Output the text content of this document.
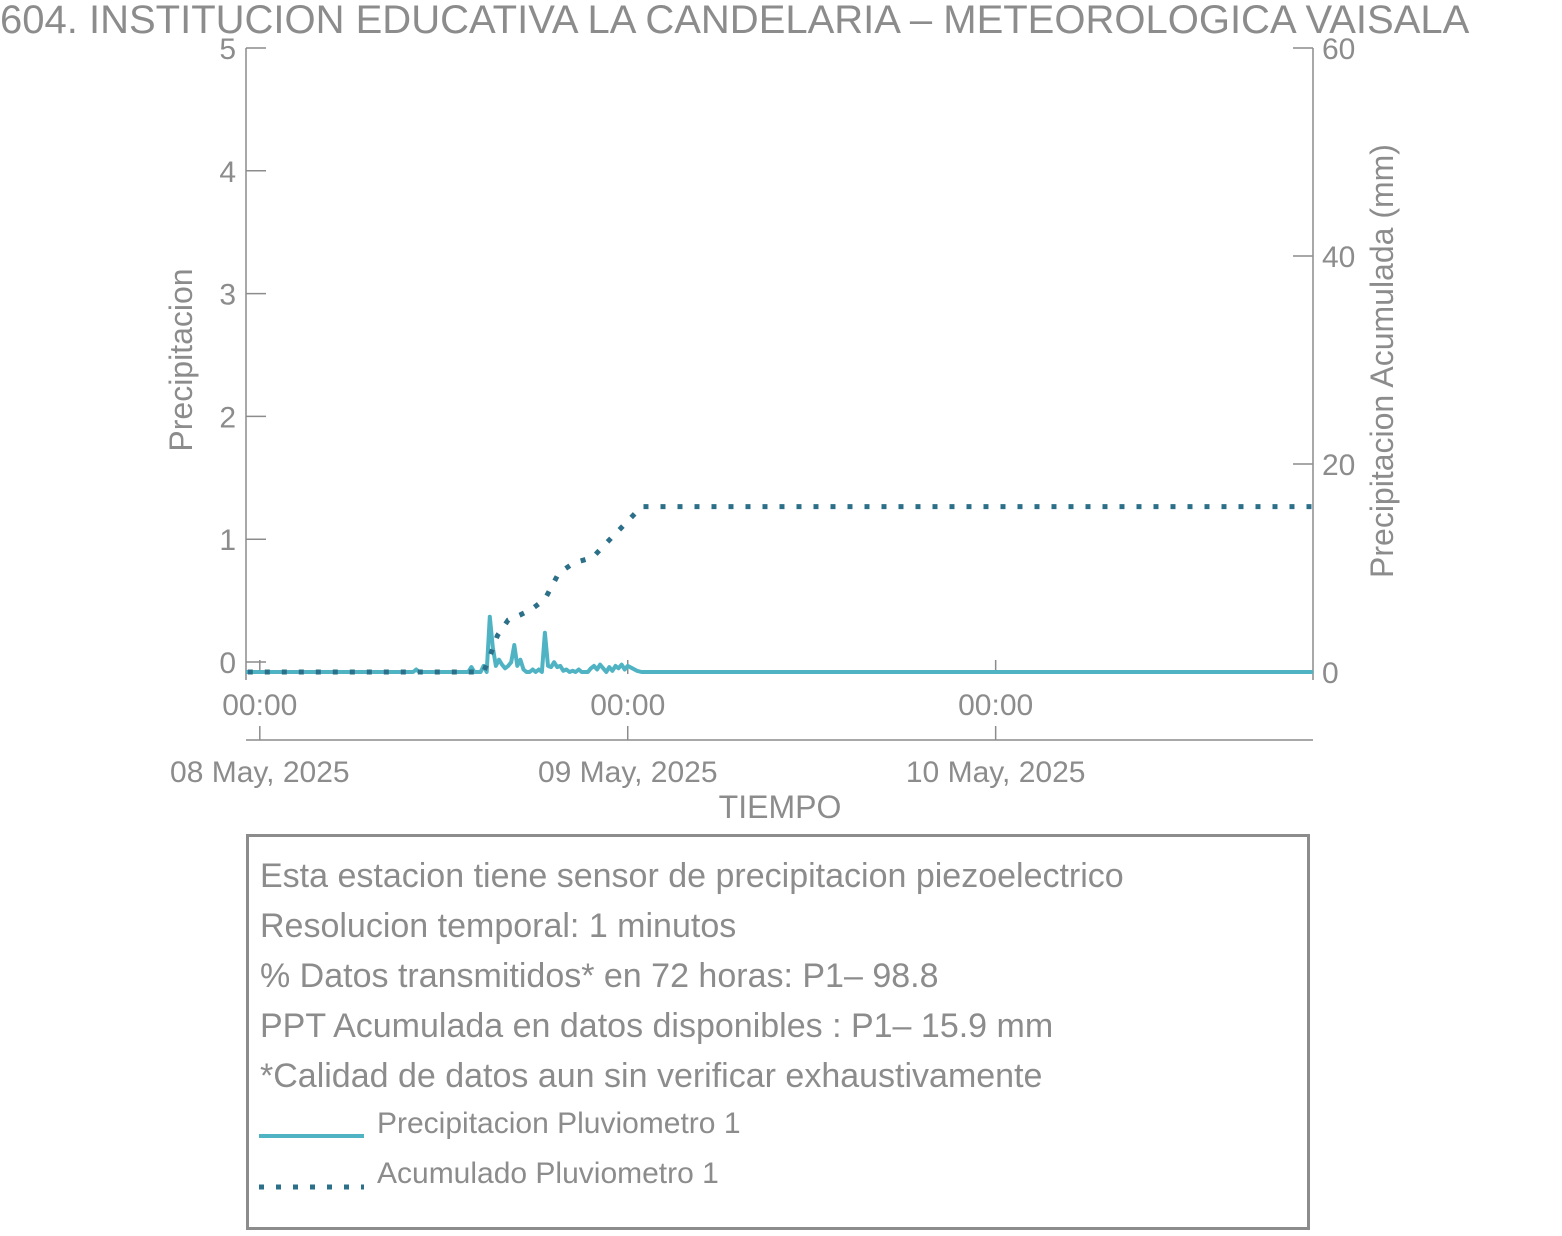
604. INSTITUCION EDUCATIVA LA CANDELARIA – METEOROLOGICA VAISALA
0
1
2
3
4
5
0
20
40
60
00:00
08 May, 2025
00:00
09 May, 2025
00:00
10 May, 2025
Precipitacion	Precipitacion Acumulada (mm)
TIEMPO
Esta estacion tiene sensor de precipitacion piezoelectrico
Resolucion temporal: 1 minutos
% Datos transmitidos* en 72 horas: P1– 98.8
PPT Acumulada en datos disponibles : P1– 15.9 mm
*Calidad de datos aun sin verificar exhaustivamente
Precipitacion Pluviometro 1
Acumulado Pluviometro 1
